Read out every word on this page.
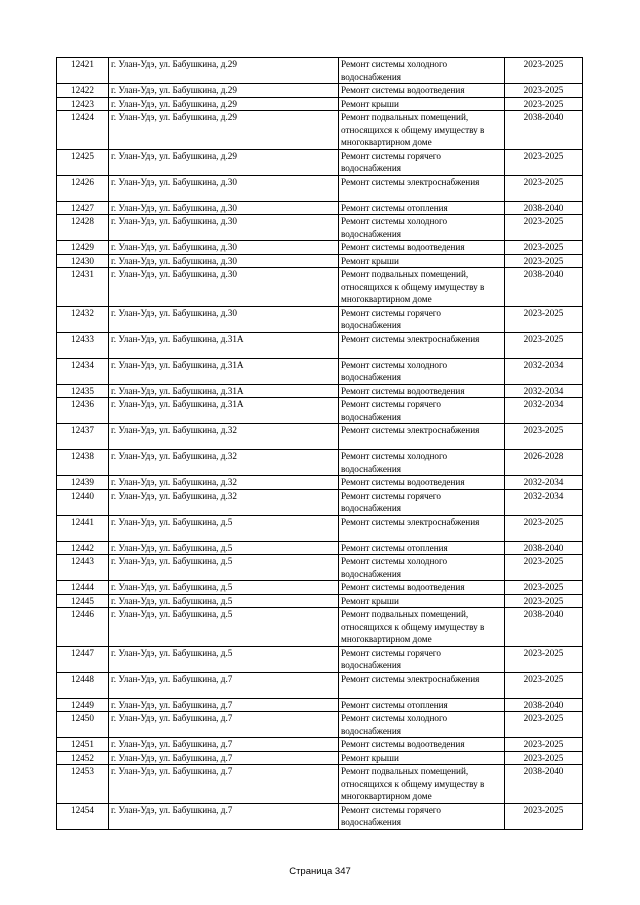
12421	г. Улан-Удэ, ул. Бабушкина, д.29	Ремонт системы холодного водоснабжения	2023-2025
12422	г. Улан-Удэ, ул. Бабушкина, д.29	Ремонт системы водоотведения	2023-2025
12423	г. Улан-Удэ, ул. Бабушкина, д.29	Ремонт крыши	2023-2025
12424	г. Улан-Удэ, ул. Бабушкина, д.29	Ремонт подвальных помещений, относящихся к общему имуществу в многоквартирном доме	2038-2040
12425	г. Улан-Удэ, ул. Бабушкина, д.29	Ремонт системы горячего водоснабжения	2023-2025
12426	г. Улан-Удэ, ул. Бабушкина, д.30	Ремонт системы электроснабжения	2023-2025
12427	г. Улан-Удэ, ул. Бабушкина, д.30	Ремонт системы отопления	2038-2040
12428	г. Улан-Удэ, ул. Бабушкина, д.30	Ремонт системы холодного водоснабжения	2023-2025
12429	г. Улан-Удэ, ул. Бабушкина, д.30	Ремонт системы водоотведения	2023-2025
12430	г. Улан-Удэ, ул. Бабушкина, д.30	Ремонт крыши	2023-2025
12431	г. Улан-Удэ, ул. Бабушкина, д.30	Ремонт подвальных помещений, относящихся к общему имуществу в многоквартирном доме	2038-2040
12432	г. Улан-Удэ, ул. Бабушкина, д.30	Ремонт системы горячего водоснабжения	2023-2025
12433	г. Улан-Удэ, ул. Бабушкина, д.31А	Ремонт системы электроснабжения	2023-2025
12434	г. Улан-Удэ, ул. Бабушкина, д.31А	Ремонт системы холодного водоснабжения	2032-2034
12435	г. Улан-Удэ, ул. Бабушкина, д.31А	Ремонт системы водоотведения	2032-2034
12436	г. Улан-Удэ, ул. Бабушкина, д.31А	Ремонт системы горячего водоснабжения	2032-2034
12437	г. Улан-Удэ, ул. Бабушкина, д.32	Ремонт системы электроснабжения	2023-2025
12438	г. Улан-Удэ, ул. Бабушкина, д.32	Ремонт системы холодного водоснабжения	2026-2028
12439	г. Улан-Удэ, ул. Бабушкина, д.32	Ремонт системы водоотведения	2032-2034
12440	г. Улан-Удэ, ул. Бабушкина, д.32	Ремонт системы горячего водоснабжения	2032-2034
12441	г. Улан-Удэ, ул. Бабушкина, д.5	Ремонт системы электроснабжения	2023-2025
12442	г. Улан-Удэ, ул. Бабушкина, д.5	Ремонт системы отопления	2038-2040
12443	г. Улан-Удэ, ул. Бабушкина, д.5	Ремонт системы холодного водоснабжения	2023-2025
12444	г. Улан-Удэ, ул. Бабушкина, д.5	Ремонт системы водоотведения	2023-2025
12445	г. Улан-Удэ, ул. Бабушкина, д.5	Ремонт крыши	2023-2025
12446	г. Улан-Удэ, ул. Бабушкина, д.5	Ремонт подвальных помещений, относящихся к общему имуществу в многоквартирном доме	2038-2040
12447	г. Улан-Удэ, ул. Бабушкина, д.5	Ремонт системы горячего водоснабжения	2023-2025
12448	г. Улан-Удэ, ул. Бабушкина, д.7	Ремонт системы электроснабжения	2023-2025
12449	г. Улан-Удэ, ул. Бабушкина, д.7	Ремонт системы отопления	2038-2040
12450	г. Улан-Удэ, ул. Бабушкина, д.7	Ремонт системы холодного водоснабжения	2023-2025
12451	г. Улан-Удэ, ул. Бабушкина, д.7	Ремонт системы водоотведения	2023-2025
12452	г. Улан-Удэ, ул. Бабушкина, д.7	Ремонт крыши	2023-2025
12453	г. Улан-Удэ, ул. Бабушкина, д.7	Ремонт подвальных помещений, относящихся к общему имуществу в многоквартирном доме	2038-2040
12454	г. Улан-Удэ, ул. Бабушкина, д.7	Ремонт системы горячего водоснабжения	2023-2025
Страница 347
